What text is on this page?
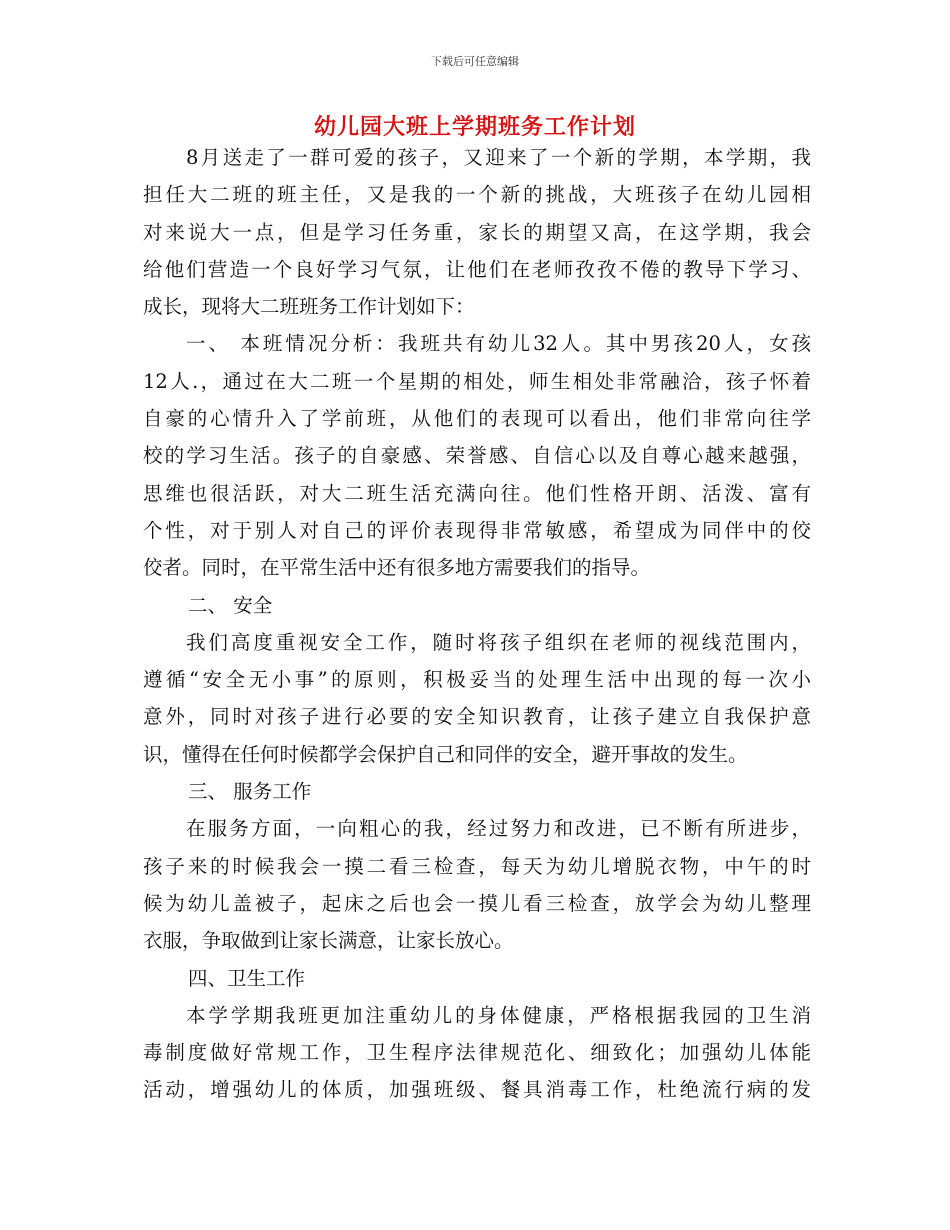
下载后可任意编辑
幼儿园大班上学期班务工作计划
8月送走了一群可爱的孩子，又迎来了一个新的学期，本学期，我
担任大二班的班主任，又是我的一个新的挑战，大班孩子在幼儿园相
对来说大一点，但是学习任务重，家长的期望又高，在这学期，我会
给他们营造一个良好学习气氛，让他们在老师孜孜不倦的教导下学习、
成长，现将大二班班务工作计划如下：
一、 本班情况分析：我班共有幼儿32人。其中男孩20人，女孩
12人.，通过在大二班一个星期的相处，师生相处非常融洽，孩子怀着
自豪的心情升入了学前班，从他们的表现可以看出，他们非常向往学
校的学习生活。孩子的自豪感、荣誉感、自信心以及自尊心越来越强，
思维也很活跃，对大二班生活充满向往。他们性格开朗、活泼、富有
个性，对于别人对自己的评价表现得非常敏感，希望成为同伴中的佼
佼者。同时，在平常生活中还有很多地方需要我们的指导。
二、 安全
我们高度重视安全工作，随时将孩子组织在老师的视线范围内，
遵循“安全无小事”的原则，积极妥当的处理生活中出现的每一次小
意外，同时对孩子进行必要的安全知识教育，让孩子建立自我保护意
识，懂得在任何时候都学会保护自己和同伴的安全，避开事故的发生。
三、 服务工作
在服务方面，一向粗心的我，经过努力和改进，已不断有所进步，
孩子来的时候我会一摸二看三检查，每天为幼儿增脱衣物，中午的时
候为幼儿盖被子，起床之后也会一摸儿看三检查，放学会为幼儿整理
衣服，争取做到让家长满意，让家长放心。
四、卫生工作
本学学期我班更加注重幼儿的身体健康，严格根据我园的卫生消
毒制度做好常规工作，卫生程序法律规范化、细致化；加强幼儿体能
活动，增强幼儿的体质，加强班级、餐具消毒工作，杜绝流行病的发
